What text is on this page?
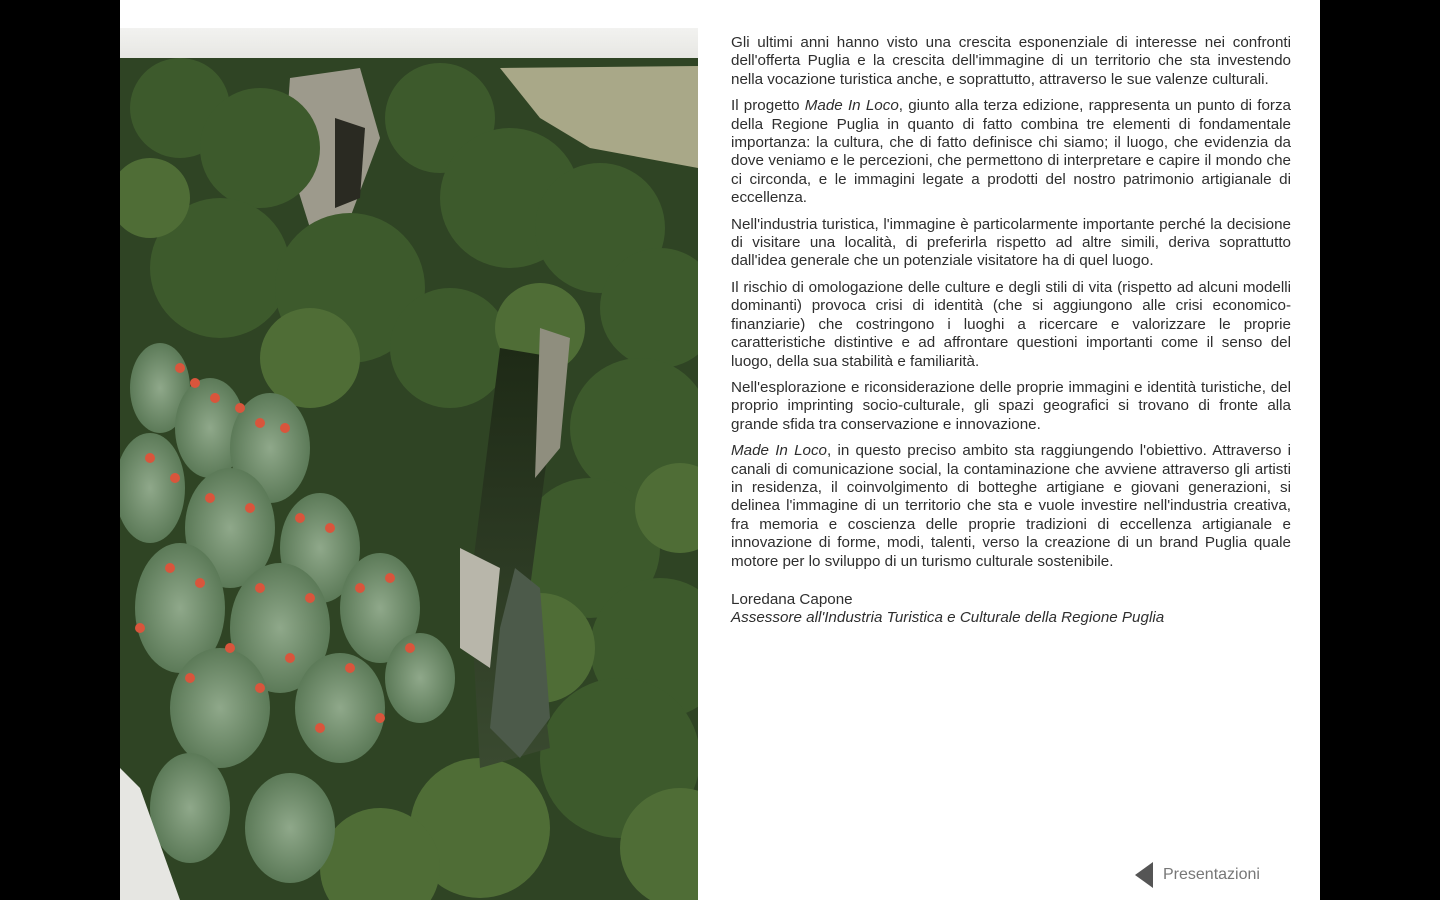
Gli ultimi anni hanno visto una crescita esponenziale di interesse nei confronti dell'offerta Puglia e la crescita dell'immagine di un territorio che sta investendo nella vocazione turistica anche, e soprattutto, attraverso le sue valenze culturali.

Il progetto Made In Loco, giunto alla terza edizione, rappresenta un punto di forza della Regione Puglia in quanto di fatto combina tre elementi di fondamentale importanza: la cultura, che di fatto definisce chi siamo; il luogo, che evidenzia da dove veniamo e le percezioni, che permettono di interpretare e capire il mondo che ci circonda, e le immagini legate a prodotti del nostro patrimonio artigianale di eccellenza.

Nell'industria turistica, l'immagine è particolarmente importante perché la decisione di visitare una località, di preferirla rispetto ad altre simili, deriva soprattutto dall'idea generale che un potenziale visitatore ha di quel luogo.

Il rischio di omologazione delle culture e degli stili di vita (rispetto ad alcuni modelli dominanti) provoca crisi di identità (che si aggiungono alle crisi economico-finanziarie) che costringono i luoghi a ricercare e valorizzare le proprie caratteristiche distintive e ad affrontare questioni importanti come il senso del luogo, della sua stabilità e familiarità.

Nell'esplorazione e riconsiderazione delle proprie immagini e identità turistiche, del proprio imprinting socio-culturale, gli spazi geografici si trovano di fronte alla grande sfida tra conservazione e innovazione.

Made In Loco, in questo preciso ambito sta raggiungendo l'obiettivo. Attraverso i canali di comunicazione social, la contaminazione che avviene attraverso gli artisti in residenza, il coinvolgimento di botteghe artigiane e giovani generazioni, si delinea l'immagine di un territorio che sta e vuole investire nell'industria creativa, fra memoria e coscienza delle proprie tradizioni di eccellenza artigianale e innovazione di forme, modi, talenti, verso la creazione di un brand Puglia quale motore per lo sviluppo di un turismo culturale sostenibile.

Loredana Capone
Assessore all'Industria Turistica e Culturale della Regione Puglia
Presentazioni
